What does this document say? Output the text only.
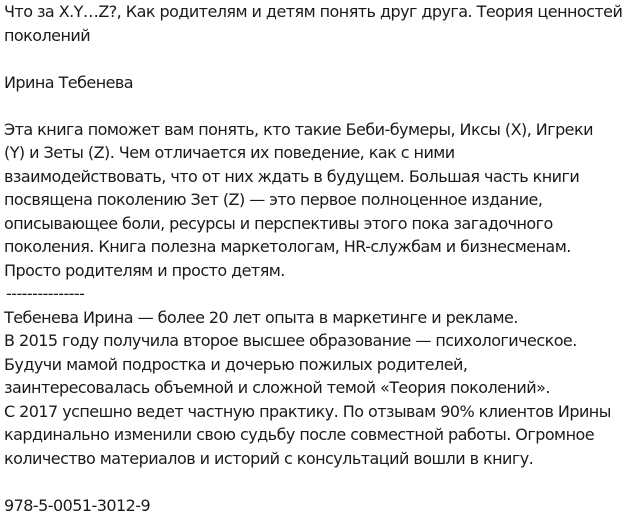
Что за X.Y…Z?, Как родителям и детям понять друг друга. Теория ценностей
поколений
Ирина Тебенева
Эта книга поможет вам понять, кто такие Беби-бумеры, Иксы (X), Игреки
(Y) и Зеты (Z). Чем отличается их поведение, как с ними
взаимодействовать, что от них ждать в будущем. Большая часть книги
посвящена поколению Зет (Z) — это первое полноценное издание,
описывающее боли, ресурсы и перспективы этого пока загадочного
поколения. Книга полезна маркетологам, HR-службам и бизнесменам.
Просто родителям и просто детям.
---------------
Тебенева Ирина — более 20 лет опыта в маркетинге и рекламе.
В 2015 году получила второе высшее образование — психологическое.
Будучи мамой подростка и дочерью пожилых родителей,
заинтересовалась объемной и сложной темой «Теория поколений».
С 2017 успешно ведет частную практику. По отзывам 90% клиентов Ирины
кардинально изменили свою судьбу после совместной работы. Огромное
количество материалов и историй с консультаций вошли в книгу.
978-5-0051-3012-9
